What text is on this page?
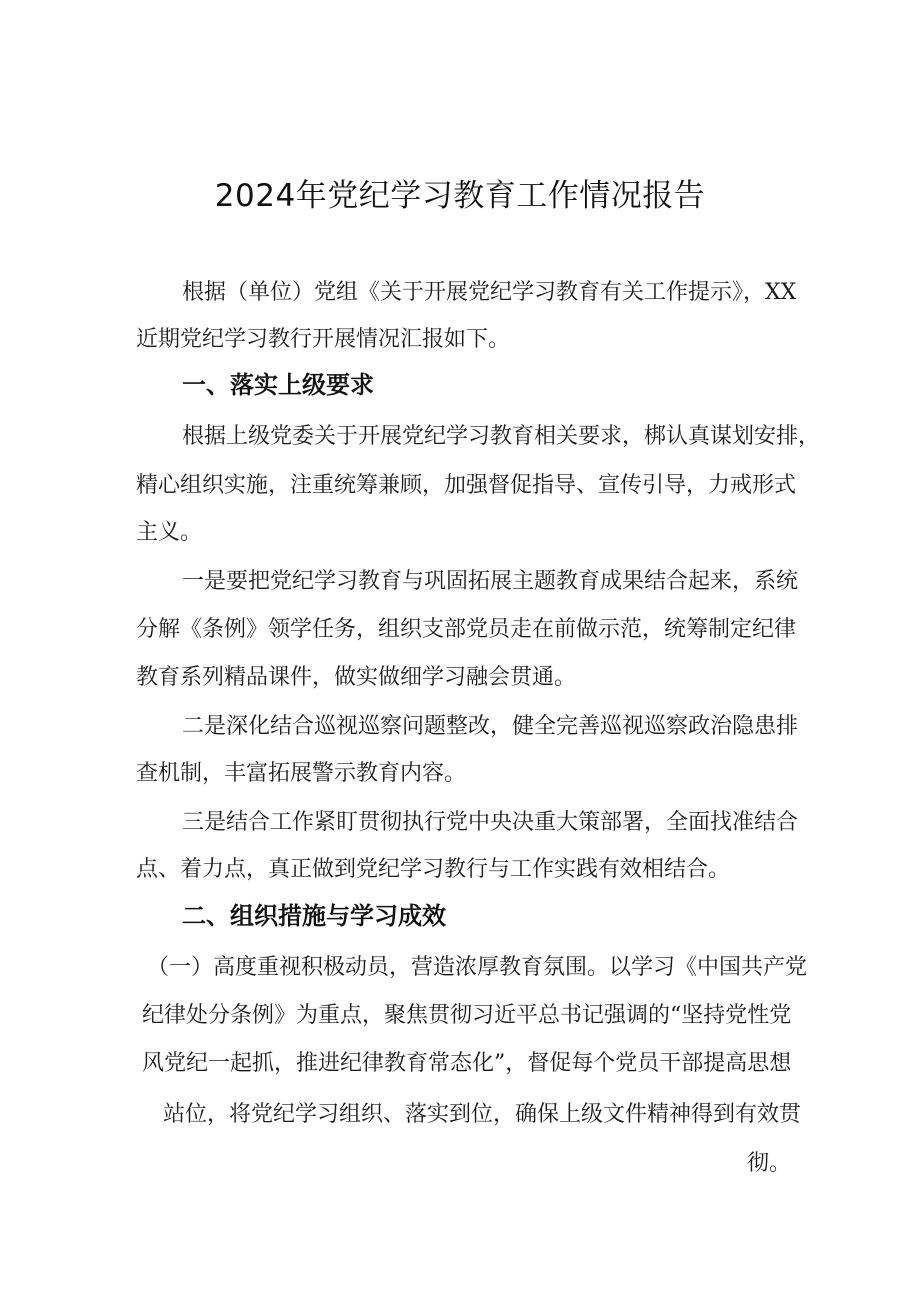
2024年党纪学习教育工作情况报告

根据（单位）党组《关于开展党纪学习教育有关工作提示》，XX

近期党纪学习教行开展情况汇报如下。

一、落实上级要求

根据上级党委关于开展党纪学习教育相关要求，梆认真谋划安排，

精心组织实施，注重统筹兼顾，加强督促指导、宣传引导，力戒形式

主义。

一是要把党纪学习教育与巩固拓展主题教育成果结合起来，系统

分解《条例》领学任务，组织支部党员走在前做示范，统筹制定纪律

教育系列精品课件，做实做细学习融会贯通。

二是深化结合巡视巡察问题整改，健全完善巡视巡察政治隐患排

查机制，丰富拓展警示教育内容。

三是结合工作紧盯贯彻执行党中央决重大策部署，全面找准结合

点、着力点，真正做到党纪学习教行与工作实践有效相结合。

二、组织措施与学习成效

（一）高度重视积极动员，营造浓厚教育氛围。以学习《中国共产党

纪律处分条例》为重点，聚焦贯彻习近平总书记强调的“坚持党性党

风党纪一起抓，推进纪律教育常态化”，督促每个党员干部提高思想

站位，将党纪学习组织、落实到位，确保上级文件精神得到有效贯

彻。
